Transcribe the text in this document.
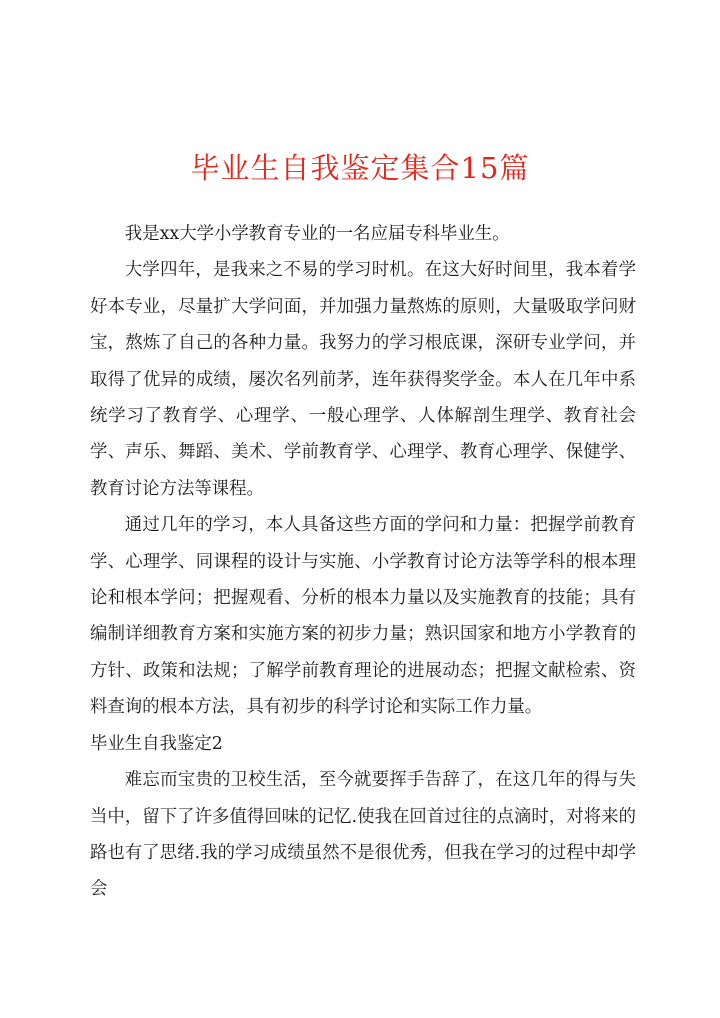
毕业生自我鉴定集合15篇

我是xx大学小学教育专业的一名应届专科毕业生。

大学四年，是我来之不易的学习时机。在这大好时间里，我本着学好本专业，尽量扩大学问面，并加强力量熬炼的原则，大量吸取学问财宝，熬炼了自己的各种力量。我努力的学习根底课，深研专业学问，并取得了优异的成绩，屡次名列前茅，连年获得奖学金。本人在几年中系统学习了教育学、心理学、一般心理学、人体解剖生理学、教育社会学、声乐、舞蹈、美术、学前教育学、心理学、教育心理学、保健学、教育讨论方法等课程。

通过几年的学习，本人具备这些方面的学问和力量：把握学前教育学、心理学、同课程的设计与实施、小学教育讨论方法等学科的根本理论和根本学问；把握观看、分析的根本力量以及实施教育的技能；具有编制详细教育方案和实施方案的初步力量；熟识国家和地方小学教育的方针、政策和法规；了解学前教育理论的进展动态；把握文献检索、资料查询的根本方法，具有初步的科学讨论和实际工作力量。

毕业生自我鉴定2

难忘而宝贵的卫校生活，至今就要挥手告辞了，在这几年的得与失当中，留下了许多值得回味的记忆.使我在回首过往的点滴时，对将来的路也有了思绪.我的学习成绩虽然不是很优秀，但我在学习的过程中却学会
